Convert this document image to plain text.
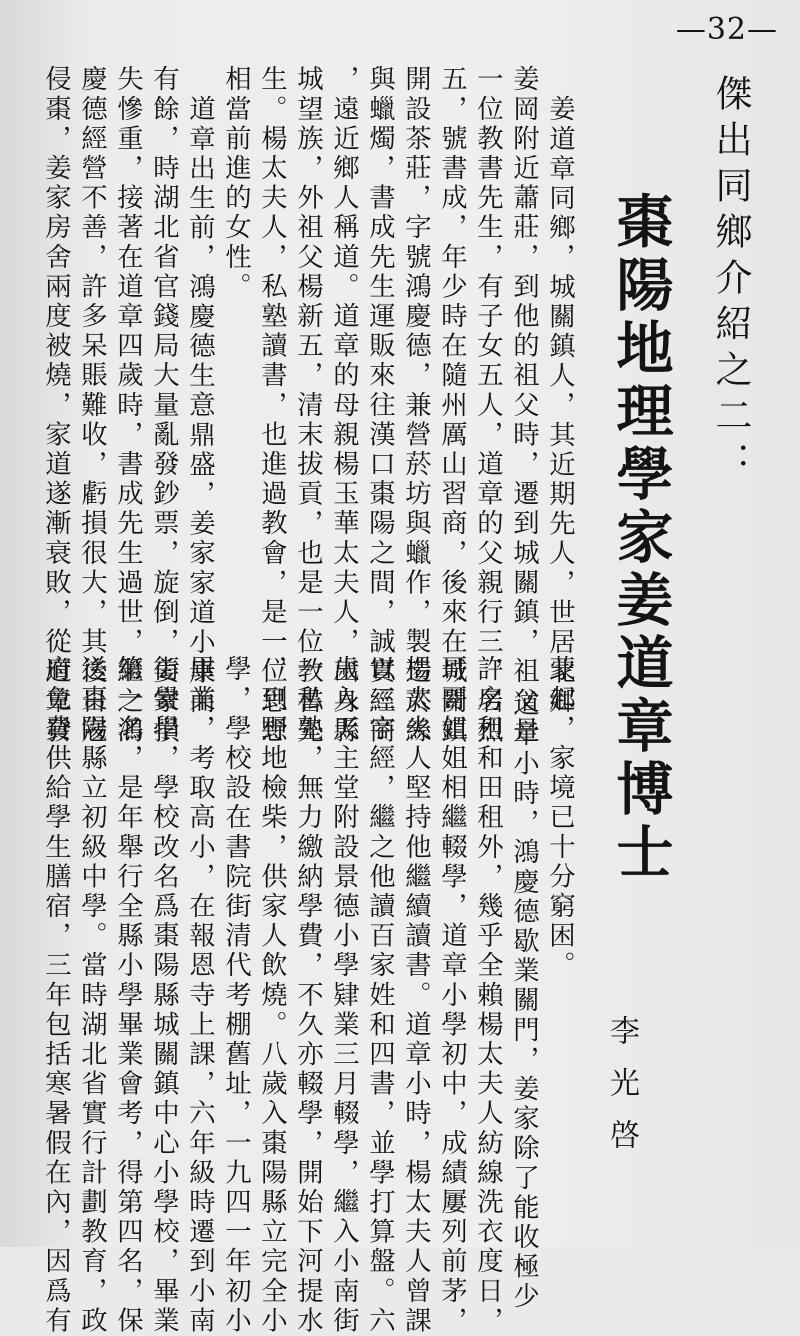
—32—
傑出同鄉介紹之二：
棗陽地理學家姜道章博士
李光啓
姜道章同鄉，城關鎮人，其近期先人，世居北鄉
姜岡附近蕭莊，到他的祖父時，遷到城關鎮，祖父是
一位教書先生，有子女五人，道章的父親行三，名烈
五，號書成，年少時在隨州厲山習商，後來在城關鎮
開設茶莊，字號鴻慶德，兼營菸坊與蠟作，製造菸絲
與蠟燭，書成先生運販來往漢口棗陽之間，誠實經商
，遠近鄉人稱道。道章的母親楊玉華太夫人，出身縣
城望族，外祖父楊新五，清末拔貢，也是一位教書先
生。楊太夫人，私塾讀書，也進過教會，是一位思想
相當前進的女性。
道章出生前，鴻慶德生意鼎盛，姜家家道小康而
有餘，時湖北省官錢局大量亂發鈔票，旋倒，姜家損
失慘重，接著在道章四歲時，書成先生過世，繼之鴻
慶德經營不善，許多呆賬難收，虧損很大，其後日寇
侵棗，姜家房舍兩度被燒，家道遂漸衰敗，從道章發
蒙起，家境已十分窮困。
道章小時，鴻慶德歇業關門，姜家除了能收極少
許房租和田租外，幾乎全賴楊太夫人紡線洗衣度日，
哥哥姐姐相繼輟學，道章小學初中，成績屢列前茅，
楊太夫人堅持他繼續讀書。道章小時，楊太夫人曾課
以三字經，繼之他讀百家姓和四書，並學打算盤。六
歲入天主堂附設景德小學肄業三月輟學，繼入小南街
一私塾，無力繳納學費，不久亦輟學，開始下河提水
，到野地檢柴，供家人飲燒。八歲入棗陽縣立完全小
學，學校設在書院街清代考棚舊址，一九四一年初小
畢業，考取高小，在報恩寺上課，六年級時遷到小南
街黌學，學校改名爲棗陽縣城關鎮中心小學校，畢業
第一名，是年舉行全縣小學畢業會考，得第四名，保
送棗陽縣立初級中學。當時湖北省實行計劃教育，政
府免費供給學生膳宿，三年包括寒暑假在內，因爲有
